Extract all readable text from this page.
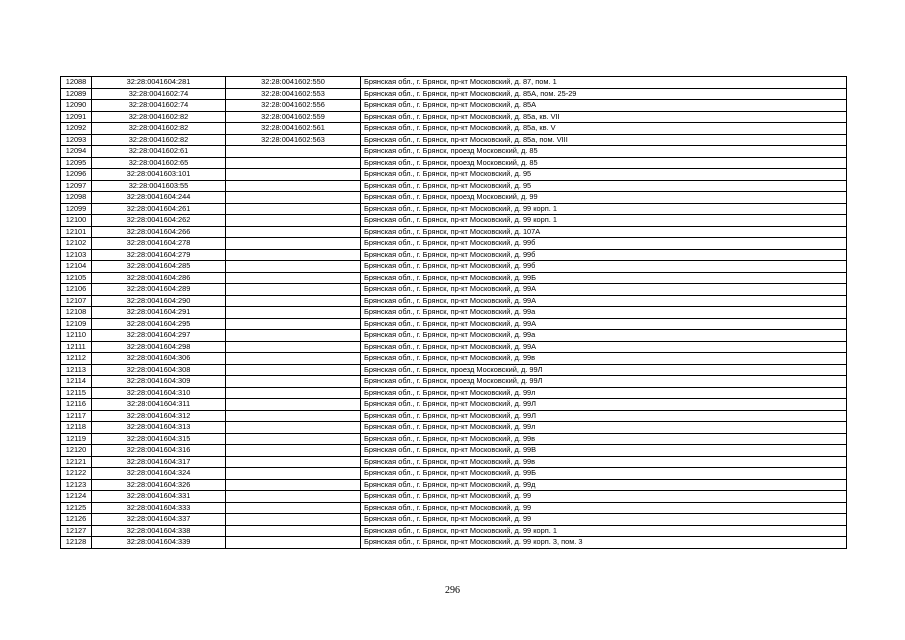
12088	32:28:0041604:281	32:28:0041602:550	Брянская обл., г. Брянск, пр-кт Московский, д. 87, пом. 1
12089	32:28:0041602:74	32:28:0041602:553	Брянская обл., г. Брянск, пр-кт Московский, д. 85А, пом. 25-29
12090	32:28:0041602:74	32:28:0041602:556	Брянская обл., г. Брянск, пр-кт Московский, д. 85А
12091	32:28:0041602:82	32:28:0041602:559	Брянская обл., г. Брянск, пр-кт Московский, д. 85а, кв. VII
12092	32:28:0041602:82	32:28:0041602:561	Брянская обл., г. Брянск, пр-кт Московский, д. 85а, кв. V
12093	32:28:0041602:82	32:28:0041602:563	Брянская обл., г. Брянск, пр-кт Московский, д. 85а, пом. VIII
12094	32:28:0041602:61		Брянская обл., г. Брянск, проезд Московский, д. 85
12095	32:28:0041602:65		Брянская обл., г. Брянск, проезд Московский, д. 85
12096	32:28:0041603:101		Брянская обл., г. Брянск, пр-кт Московский, д. 95
12097	32:28:0041603:55		Брянская обл., г. Брянск, пр-кт Московский, д. 95
12098	32:28:0041604:244		Брянская обл., г. Брянск, проезд Московский, д. 99
12099	32:28:0041604:261		Брянская обл., г. Брянск, пр-кт Московский, д. 99 корп. 1
12100	32:28:0041604:262		Брянская обл., г. Брянск, пр-кт Московский, д. 99 корп. 1
12101	32:28:0041604:266		Брянская обл., г. Брянск, пр-кт Московский, д. 107А
12102	32:28:0041604:278		Брянская обл., г. Брянск, пр-кт Московский, д. 99б
12103	32:28:0041604:279		Брянская обл., г. Брянск, пр-кт Московский, д. 99б
12104	32:28:0041604:285		Брянская обл., г. Брянск, пр-кт Московский, д. 99б
12105	32:28:0041604:286		Брянская обл., г. Брянск, пр-кт Московский, д. 99Б
12106	32:28:0041604:289		Брянская обл., г. Брянск, пр-кт Московский, д. 99А
12107	32:28:0041604:290		Брянская обл., г. Брянск, пр-кт Московский, д. 99А
12108	32:28:0041604:291		Брянская обл., г. Брянск, пр-кт Московский, д. 99а
12109	32:28:0041604:295		Брянская обл., г. Брянск, пр-кт Московский, д. 99А
12110	32:28:0041604:297		Брянская обл., г. Брянск, пр-кт Московский, д. 99а
12111	32:28:0041604:298		Брянская обл., г. Брянск, пр-кт Московский, д. 99А
12112	32:28:0041604:306		Брянская обл., г. Брянск, пр-кт Московский, д. 99в
12113	32:28:0041604:308		Брянская обл., г. Брянск, проезд Московский, д. 99Л
12114	32:28:0041604:309		Брянская обл., г. Брянск, проезд Московский, д. 99Л
12115	32:28:0041604:310		Брянская обл., г. Брянск, пр-кт Московский, д. 99л
12116	32:28:0041604:311		Брянская обл., г. Брянск, пр-кт Московский, д. 99Л
12117	32:28:0041604:312		Брянская обл., г. Брянск, пр-кт Московский, д. 99Л
12118	32:28:0041604:313		Брянская обл., г. Брянск, пр-кт Московский, д. 99л
12119	32:28:0041604:315		Брянская обл., г. Брянск, пр-кт Московский, д. 99в
12120	32:28:0041604:316		Брянская обл., г. Брянск, пр-кт Московский, д. 99В
12121	32:28:0041604:317		Брянская обл., г. Брянск, пр-кт Московский, д. 99в
12122	32:28:0041604:324		Брянская обл., г. Брянск, пр-кт Московский, д. 99Б
12123	32:28:0041604:326		Брянская обл., г. Брянск, пр-кт Московский, д. 99д
12124	32:28:0041604:331		Брянская обл., г. Брянск, пр-кт Московский, д. 99
12125	32:28:0041604:333		Брянская обл., г. Брянск, пр-кт Московский, д. 99
12126	32:28:0041604:337		Брянская обл., г. Брянск, пр-кт Московский, д. 99
12127	32:28:0041604:338		Брянская обл., г. Брянск, пр-кт Московский, д. 99 корп. 1
12128	32:28:0041604:339		Брянская обл., г. Брянск, пр-кт Московский, д. 99 корп. 3, пом. 3
296
